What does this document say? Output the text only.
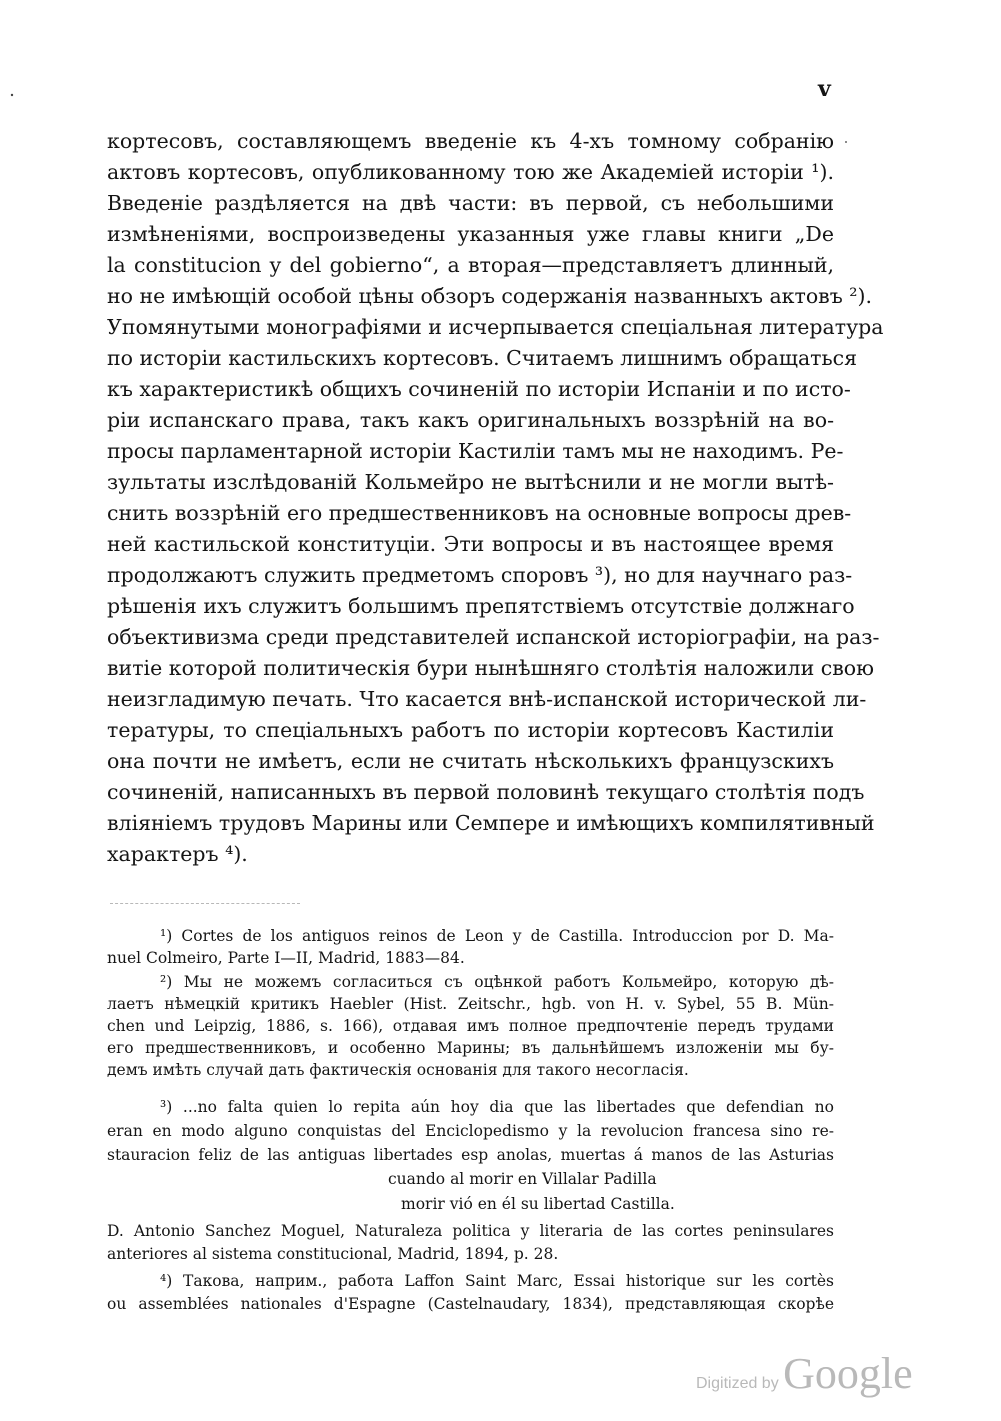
v
кортесовъ, составляющемъ введеніе къ 4-хъ томному собранію
актовъ кортесовъ, опубликованному тою же Академіей исторіи ¹).
Введеніе раздѣляется на двѣ части: въ первой, съ небольшими
измѣненіями, воспроизведены указанныя уже главы книги „De
la constitucion y del gobierno“, а вторая—представляетъ длинный,
но не имѣющій особой цѣны обзоръ содержанія названныхъ актовъ ²).
Упомянутыми монографіями и исчерпывается спеціальная литература
по исторіи кастильскихъ кортесовъ. Считаемъ лишнимъ обращаться
къ характеристикѣ общихъ сочиненій по исторіи Испаніи и по исто-
ріи испанскаго права, такъ какъ оригинальныхъ воззрѣній на во-
просы парламентарной исторіи Кастиліи тамъ мы не находимъ. Ре-
зультаты изслѣдованій Кольмейро не вытѣснили и не могли вытѣ-
снить воззрѣній его предшественниковъ на основные вопросы древ-
ней кастильской конституціи. Эти вопросы и въ настоящее время
продолжаютъ служить предметомъ споровъ ³), но для научнаго раз-
рѣшенія ихъ служитъ большимъ препятствіемъ отсутствіе должнаго
объективизма среди представителей испанской исторіографіи, на раз-
витіе которой политическія бури нынѣшняго столѣтія наложили свою
неизгладимую печать. Что касается внѣ-испанской исторической ли-
тературы, то спеціальныхъ работъ по исторіи кортесовъ Кастиліи
она почти не имѣетъ, если не считать нѣсколькихъ французскихъ
сочиненій, написанныхъ въ первой половинѣ текущаго столѣтія подъ
вліяніемъ трудовъ Марины или Семпере и имѣющихъ компилятивный
характеръ ⁴).
¹) Cortes de los antiguos reinos de Leon y de Castilla. Introduccion por D. Ma-
nuel Colmeiro, Parte I—II, Madrid, 1883—84.
²) Мы не можемъ согласиться съ оцѣнкой работъ Кольмейро, которую дѣ-
лаетъ нѣмецкій критикъ Haebler (Hist. Zeitschr., hgb. von H. v. Sybel, 55 B. Mün-
chen und Leipzig, 1886, s. 166), отдавая имъ полное предпочтеніе передъ трудами
его предшественниковъ, и особенно Марины; въ дальнѣйшемъ изложеніи мы бу-
демъ имѣть случай дать фактическія основанія для такого несогласія.
³) ...no falta quien lo repita aún hoy dia que las libertades que defendian no
eran en modo alguno conquistas del Enciclopedismo y la revolucion francesa sino re-
stauracion feliz de las antiguas libertades esp anolas, muertas á manos de las Asturias
cuando al morir en Villalar Padilla
morir vió en él su libertad Castilla.
D. Antonio Sanchez Moguel, Naturaleza politica y literaria de las cortes peninsulares
anteriores al sistema constitucional, Madrid, 1894, p. 28.
⁴) Такова, наприм., работа Laffon Saint Marc, Essai historique sur les cortès
ou assemblées nationales d'Espagne (Castelnaudary, 1834), представляющая скорѣе
Digitized by Google
